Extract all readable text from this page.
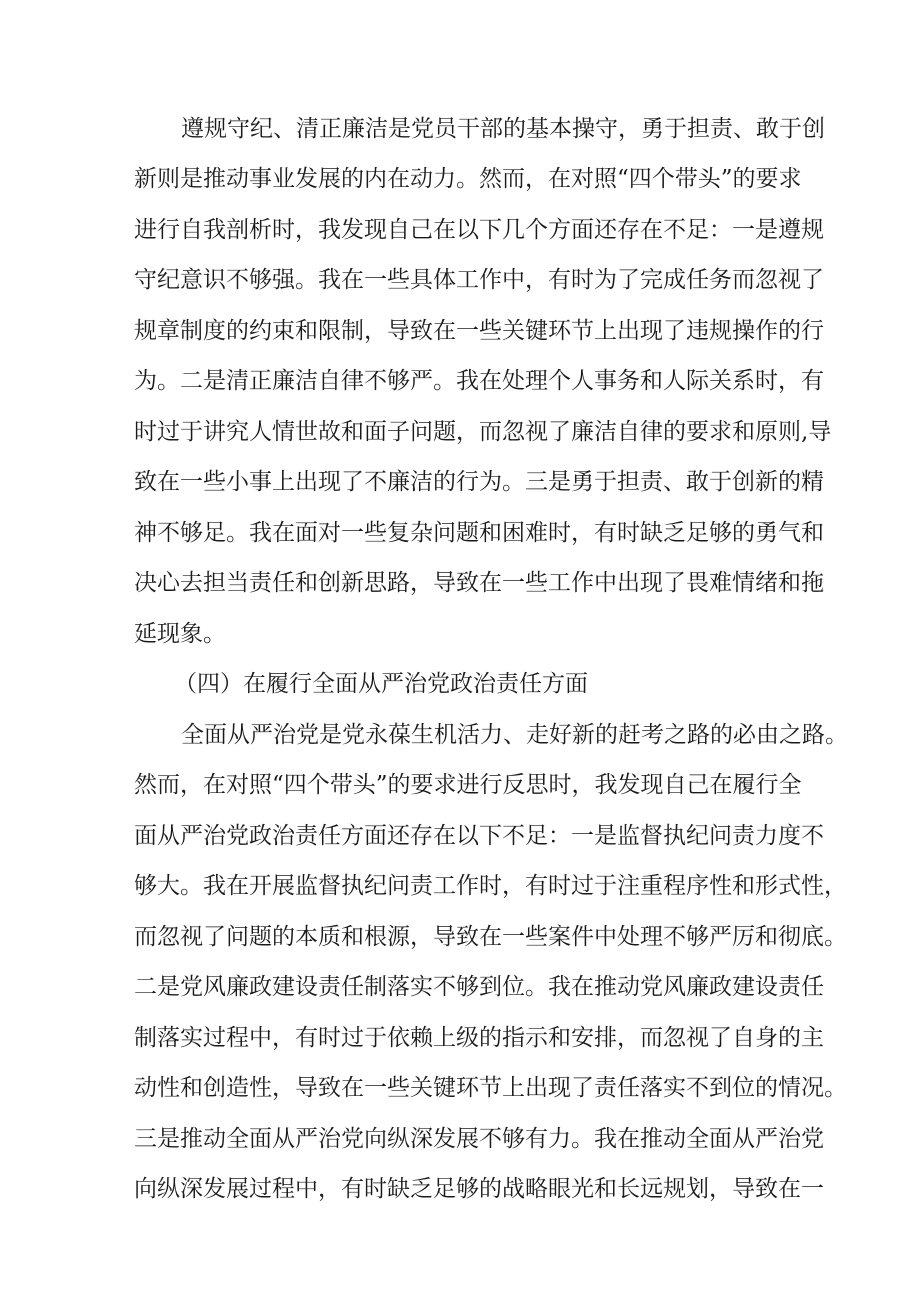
遵规守纪、清正廉洁是党员干部的基本操守，勇于担责、敢于创
新则是推动事业发展的内在动力。然而，在对照“四个带头”的要求
进行自我剖析时，我发现自己在以下几个方面还存在不足：一是遵规
守纪意识不够强。我在一些具体工作中，有时为了完成任务而忽视了
规章制度的约束和限制，导致在一些关键环节上出现了违规操作的行
为。二是清正廉洁自律不够严。我在处理个人事务和人际关系时，有
时过于讲究人情世故和面子问题，而忽视了廉洁自律的要求和原则,导
致在一些小事上出现了不廉洁的行为。三是勇于担责、敢于创新的精
神不够足。我在面对一些复杂问题和困难时，有时缺乏足够的勇气和
决心去担当责任和创新思路，导致在一些工作中出现了畏难情绪和拖
延现象。
（四）在履行全面从严治党政治责任方面
全面从严治党是党永葆生机活力、走好新的赶考之路的必由之路。
然而，在对照“四个带头”的要求进行反思时，我发现自己在履行全
面从严治党政治责任方面还存在以下不足：一是监督执纪问责力度不
够大。我在开展监督执纪问责工作时，有时过于注重程序性和形式性，
而忽视了问题的本质和根源，导致在一些案件中处理不够严厉和彻底。
二是党风廉政建设责任制落实不够到位。我在推动党风廉政建设责任
制落实过程中，有时过于依赖上级的指示和安排，而忽视了自身的主
动性和创造性，导致在一些关键环节上出现了责任落实不到位的情况。
三是推动全面从严治党向纵深发展不够有力。我在推动全面从严治党
向纵深发展过程中，有时缺乏足够的战略眼光和长远规划，导致在一
